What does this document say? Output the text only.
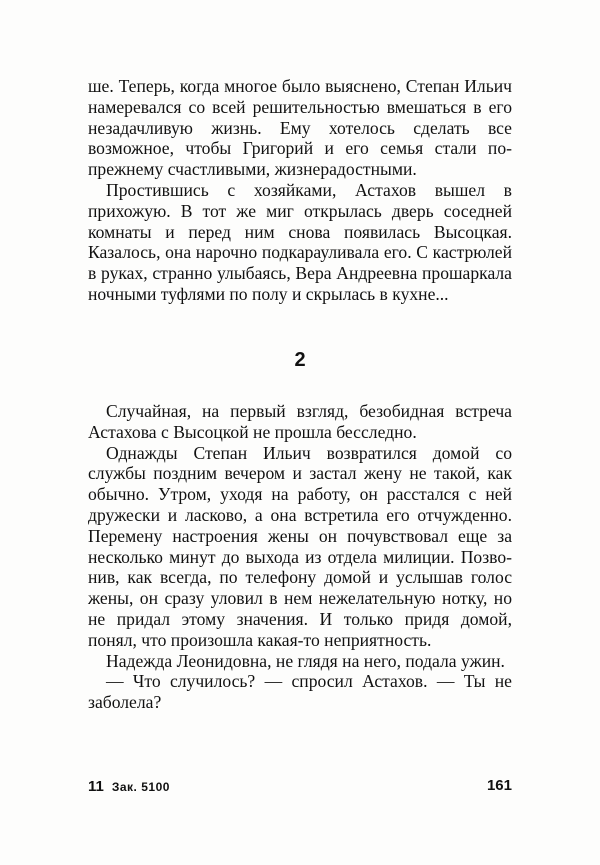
ше. Теперь, когда многое было выяснено, Степан Ильич намеревался со всей решительностью вмешаться в его незадачливую жизнь. Ему хотелось сделать все возможное, чтобы Григорий и его семья стали по-прежнему счастливыми, жизнерадостными.

Простившись с хозяйками, Астахов вышел в прихожую. В тот же миг открылась дверь соседней комнаты и перед ним снова появилась Высоцкая. Казалось, она нарочно подкарауливала его. С кастрюлей в руках, странно улыбаясь, Вера Андреевна прошаркала ночными туфлями по полу и скрылась в кухне...

2

Случайная, на первый взгляд, безобидная встреча Астахова с Высоцкой не прошла бесследно.

Однажды Степан Ильич возвратился домой со службы поздним вечером и застал жену не такой, как обычно. Утром, уходя на работу, он расстался с ней дружески и ласково, а она встретила его отчужденно. Перемену настроения жены он почувствовал еще за несколько минут до выхода из отдела милиции. Позвонив, как всегда, по телефону домой и услышав голос жены, он сразу уловил в нем нежелательную нотку, но не придал этому значения. И только придя домой, понял, что произошла какая-то неприятность.

Надежда Леонидовна, не глядя на него, подала ужин.

— Что случилось? — спросил Астахов. — Ты не заболела?

11 Зак. 5100	161
